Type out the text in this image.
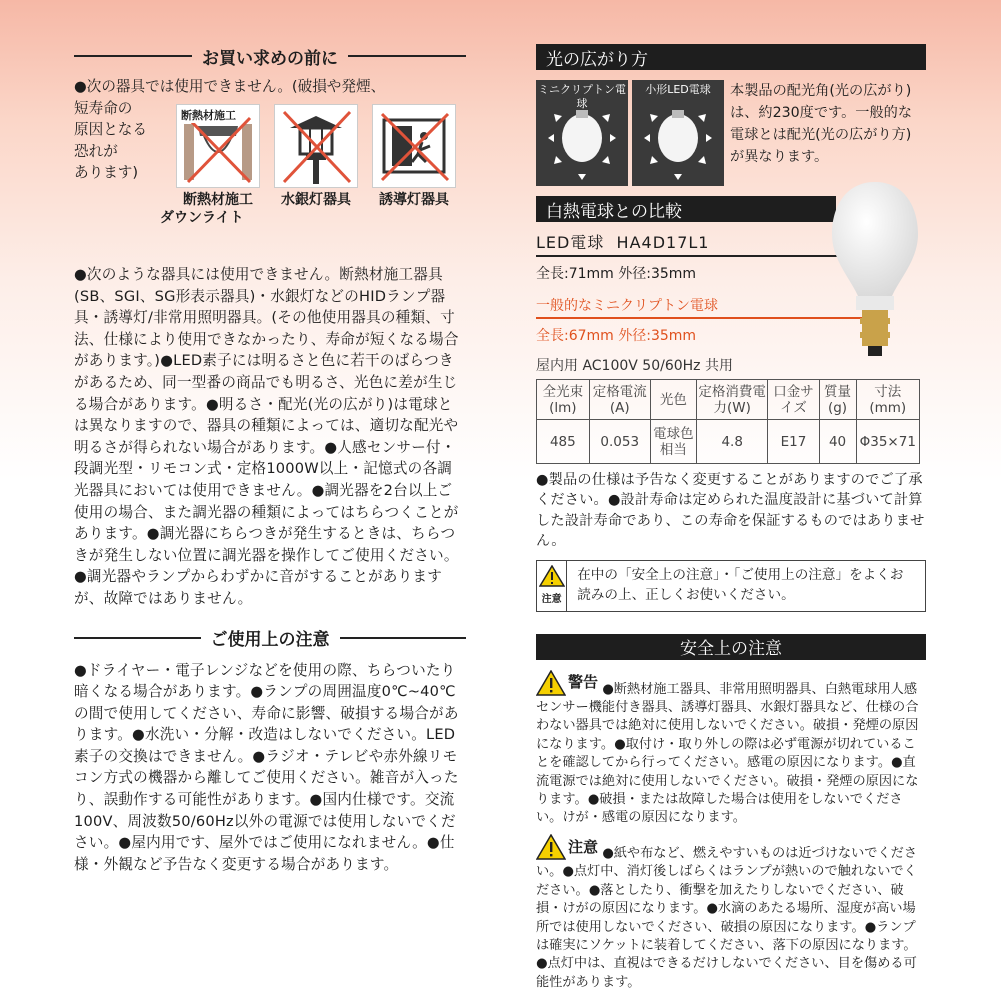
お買い求めの前に
●次の器具では使用できません。(破損や発煙、
短寿命の
原因となる
恐れが
あります)
断熱材施工
断熱材施工
ダウンライト
水銀灯器具	誘導灯器具
●次のような器具には使用できません。断熱材施工器具(SB、SGI、SG形表示器具)・水銀灯などのHIDランプ器具・誘導灯/非常用照明器具。(その他使用器具の種類、寸法、仕様により使用できなかったり、寿命が短くなる場合があります。)●LED素子には明るさと色に若干のばらつきがあるため、同一型番の商品でも明るさ、光色に差が生じる場合があります。●明るさ・配光(光の広がり)は電球とは異なりますので、器具の種類によっては、適切な配光や明るさが得られない場合があります。●人感センサー付・段調光型・リモコン式・定格1000W以上・記憶式の各調光器具においては使用できません。●調光器を2台以上ご使用の場合、また調光器の種類によってはちらつくことがあります。●調光器にちらつきが発生するときは、ちらつきが発生しない位置に調光器を操作してご使用ください。●調光器やランプからわずかに音がすることがありますが、故障ではありません。
ご使用上の注意
●ドライヤー・電子レンジなどを使用の際、ちらついたり暗くなる場合があります。●ランプの周囲温度0℃~40℃の間で使用してください、寿命に影響、破損する場合があります。●水洗い・分解・改造はしないでください。LED素子の交換はできません。●ラジオ・テレビや赤外線リモコン方式の機器から離してご使用ください。雑音が入ったり、誤動作する可能性があります。●国内仕様です。交流100V、周波数50/60Hz以外の電源では使用しないでください。●屋内用です、屋外ではご使用になれません。●仕様・外観など予告なく変更する場合があります。
光の広がり方
ミニクリプトン電球
小形LED電球	本製品の配光角(光の広がり)は、約230度です。一般的な電球とは配光(光の広がり方)が異なります。
白熱電球との比較
LED電球 HA4D17L1
全長:71mm 外径:35mm
一般的なミニクリプトン電球
全長:67mm 外径:35mm
屋内用 AC100V 50/60Hz 共用
全光束(lm)	定格電流(A)	光色	定格消費電力(W)	口金サイズ	質量(g)	寸法(mm)
485	0.053	電球色相当	4.8	E17	40	Φ35×71
●製品の仕様は予告なく変更することがありますのでご了承ください。●設計寿命は定められた温度設計に基づいて計算した設計寿命であり、この寿命を保証するものではありません。
注意
在中の「安全上の注意」・「ご使用上の注意」をよくお読みの上、正しくお使いください。
安全上の注意
警告 ●断熱材施工器具、非常用照明器具、白熱電球用人感センサー機能付き器具、誘導灯器具、水銀灯器具など、仕様の合わない器具では絶対に使用しないでください。破損・発煙の原因になります。●取付け・取り外しの際は必ず電源が切れていることを確認してから行ってください。感電の原因になります。●直流電源では絶対に使用しないでください。破損・発煙の原因になります。●破損・または故障した場合は使用をしないでください。けが・感電の原因になります。
注意 ●紙や布など、燃えやすいものは近づけないでください。●点灯中、消灯後しばらくはランプが熱いので触れないでください。●落としたり、衝撃を加えたりしないでください、破損・けがの原因になります。●水滴のあたる場所、湿度が高い場所では使用しないでください、破損の原因になります。●ランプは確実にソケットに装着してください、落下の原因になります。●点灯中は、直視はできるだけしないでください、目を傷める可能性があります。
